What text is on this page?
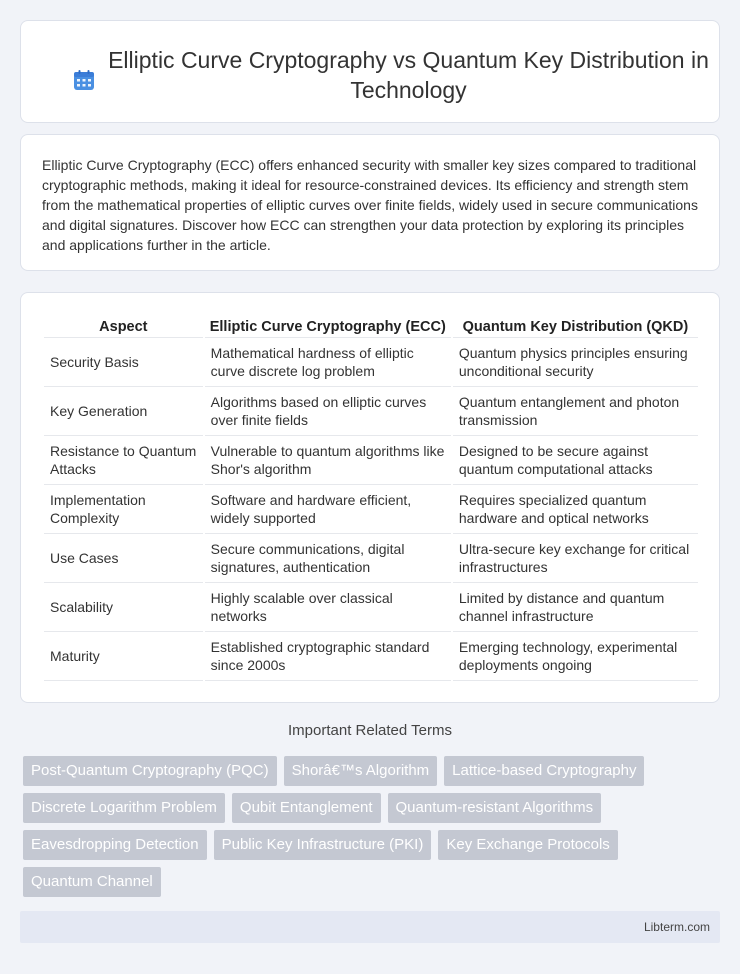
Elliptic Curve Cryptography vs Quantum Key Distribution in Technology

Elliptic Curve Cryptography (ECC) offers enhanced security with smaller key sizes compared to traditional cryptographic methods, making it ideal for resource-constrained devices. Its efficiency and strength stem from the mathematical properties of elliptic curves over finite fields, widely used in secure communications and digital signatures. Discover how ECC can strengthen your data protection by exploring its principles and applications further in the article.

Aspect	Elliptic Curve Cryptography (ECC)	Quantum Key Distribution (QKD)
Security Basis	Mathematical hardness of elliptic curve discrete log problem	Quantum physics principles ensuring unconditional security
Key Generation	Algorithms based on elliptic curves over finite fields	Quantum entanglement and photon transmission
Resistance to Quantum Attacks	Vulnerable to quantum algorithms like Shor's algorithm	Designed to be secure against quantum computational attacks
Implementation Complexity	Software and hardware efficient, widely supported	Requires specialized quantum hardware and optical networks
Use Cases	Secure communications, digital signatures, authentication	Ultra-secure key exchange for critical infrastructures
Scalability	Highly scalable over classical networks	Limited by distance and quantum channel infrastructure
Maturity	Established cryptographic standard since 2000s	Emerging technology, experimental deployments ongoing
Important Related Terms
Post-Quantum Cryptography (PQC)	Shorâ€™s Algorithm	Lattice-based Cryptography
Discrete Logarithm Problem	Qubit Entanglement	Quantum-resistant Algorithms
Eavesdropping Detection	Public Key Infrastructure (PKI)	Key Exchange Protocols
Quantum Channel
Libterm.com
